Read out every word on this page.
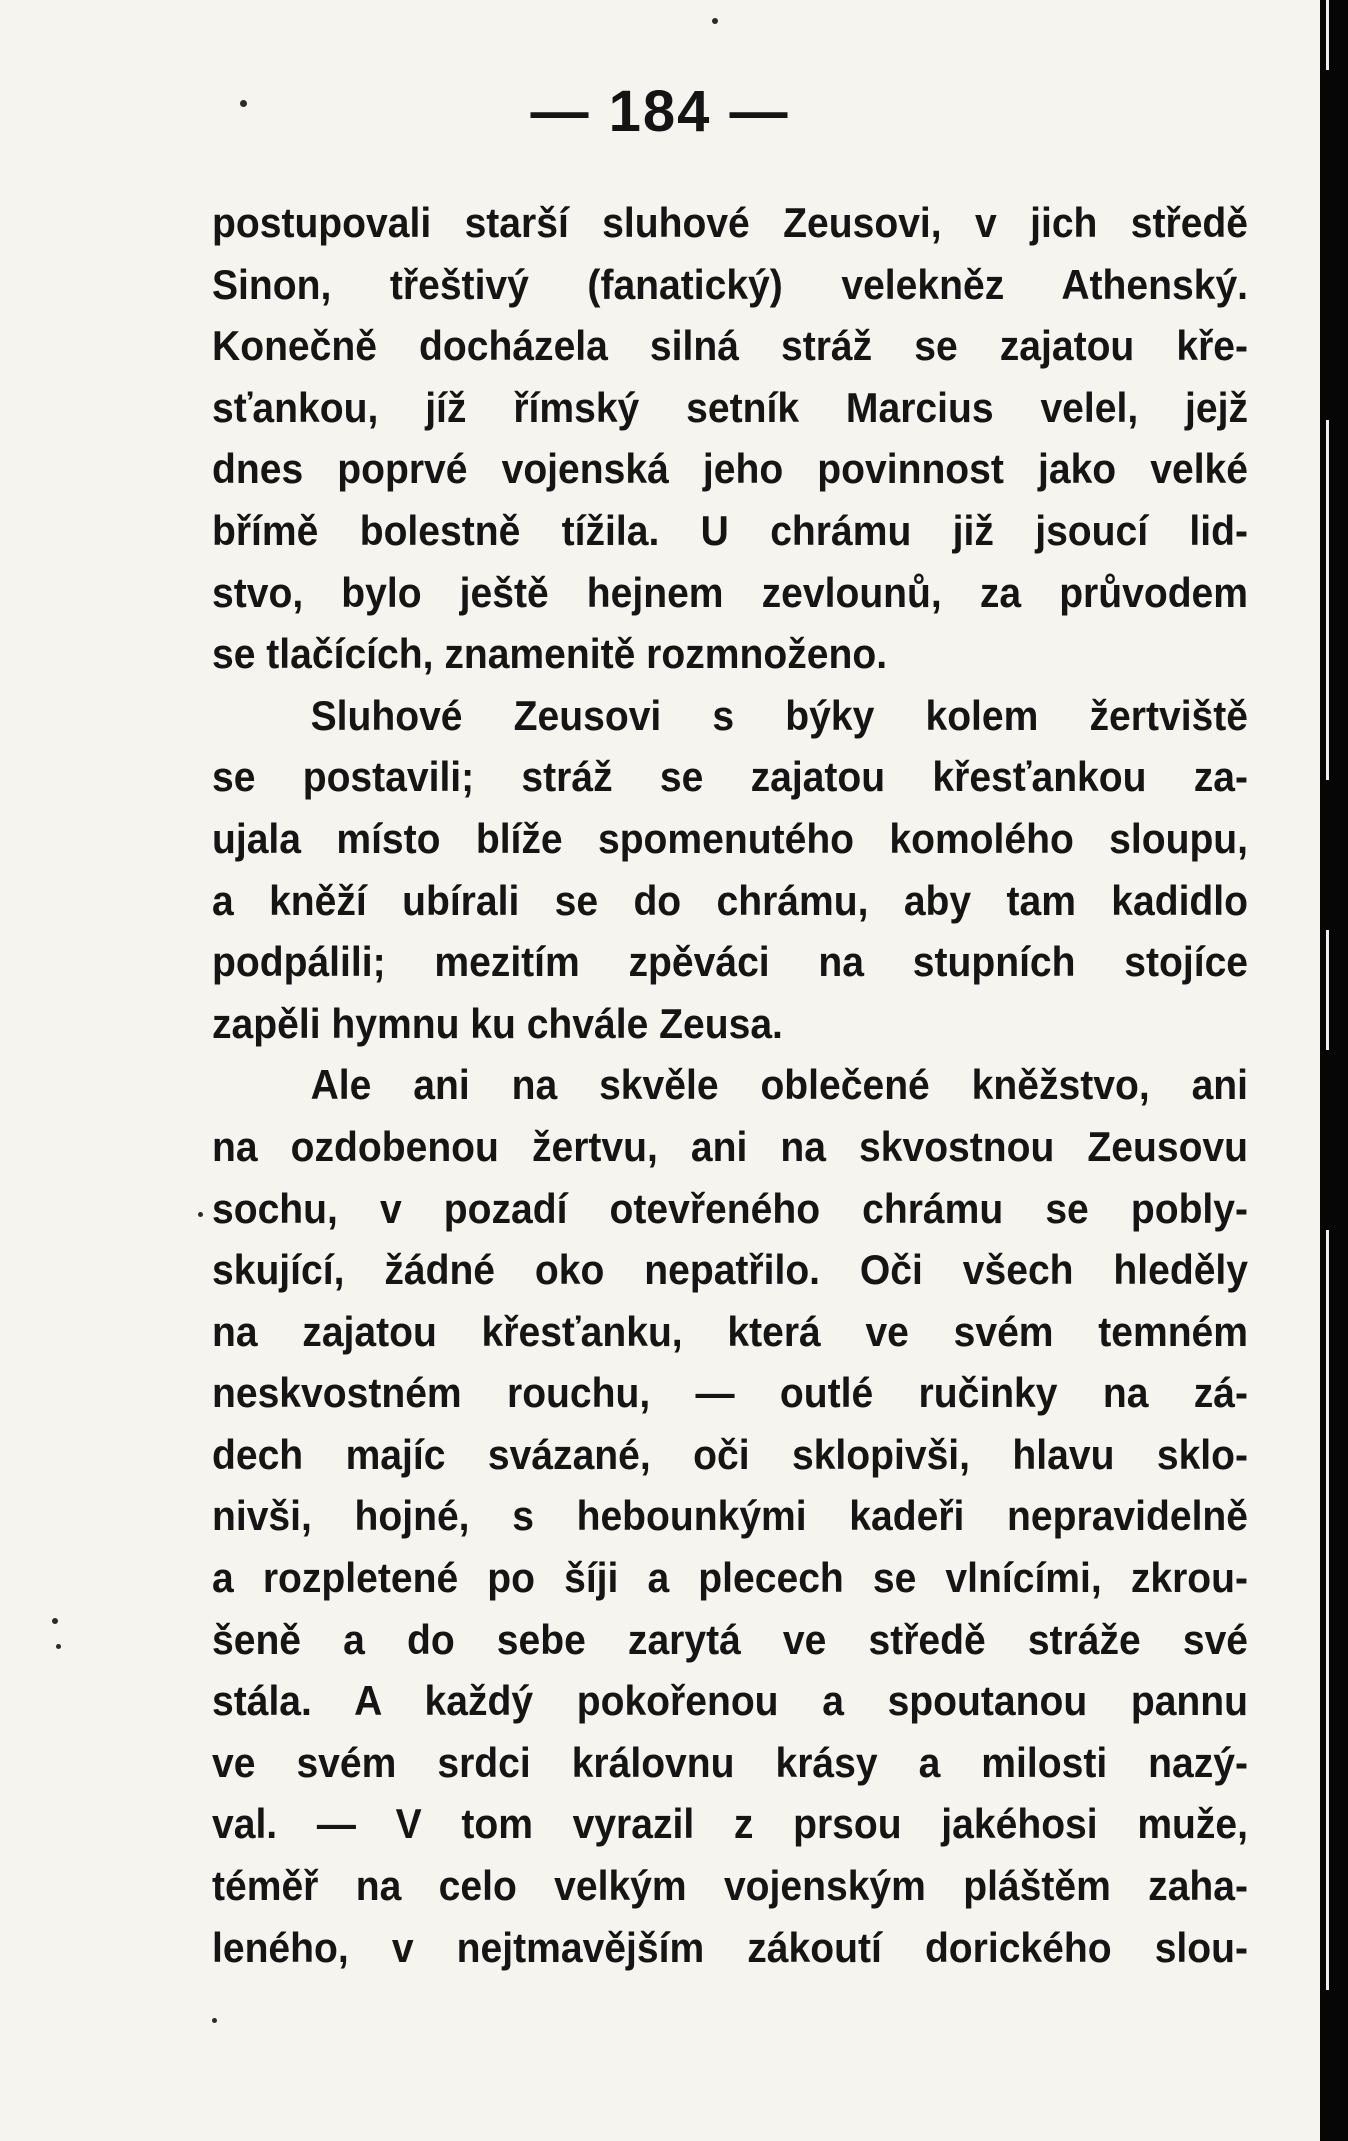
— 184 —
postupovali starší sluhové Zeusovi, v jich středě
Sinon, třeštivý (fanatický) velekněz Athenský.
Konečně docházela silná stráž se zajatou kře-
sťankou, jíž římský setník Marcius velel, jejž
dnes poprvé vojenská jeho povinnost jako velké
břímě bolestně tížila. U chrámu již jsoucí lid-
stvo, bylo ještě hejnem zevlounů, za průvodem
se tlačících, znamenitě rozmnoženo.
Sluhové Zeusovi s býky kolem žertviště
se postavili; stráž se zajatou křesťankou za-
ujala místo blíže spomenutého komolého sloupu,
a kněží ubírali se do chrámu, aby tam kadidlo
podpálili; mezitím zpěváci na stupních stojíce
zapěli hymnu ku chvále Zeusa.
Ale ani na skvěle oblečené kněžstvo, ani
na ozdobenou žertvu, ani na skvostnou Zeusovu
sochu, v pozadí otevřeného chrámu se pobly-
skující, žádné oko nepatřilo. Oči všech hleděly
na zajatou křesťanku, která ve svém temném
neskvostném rouchu, — outlé ručinky na zá-
dech majíc svázané, oči sklopivši, hlavu sklo-
nivši, hojné, s hebounkými kadeři nepravidelně
a rozpletené po šíji a plecech se vlnícími, zkrou-
šeně a do sebe zarytá ve středě stráže své
stála. A každý pokořenou a spoutanou pannu
ve svém srdci královnu krásy a milosti nazý-
val. — V tom vyrazil z prsou jakéhosi muže,
téměř na celo velkým vojenským pláštěm zaha-
leného, v nejtmavějším zákoutí dorického slou-
